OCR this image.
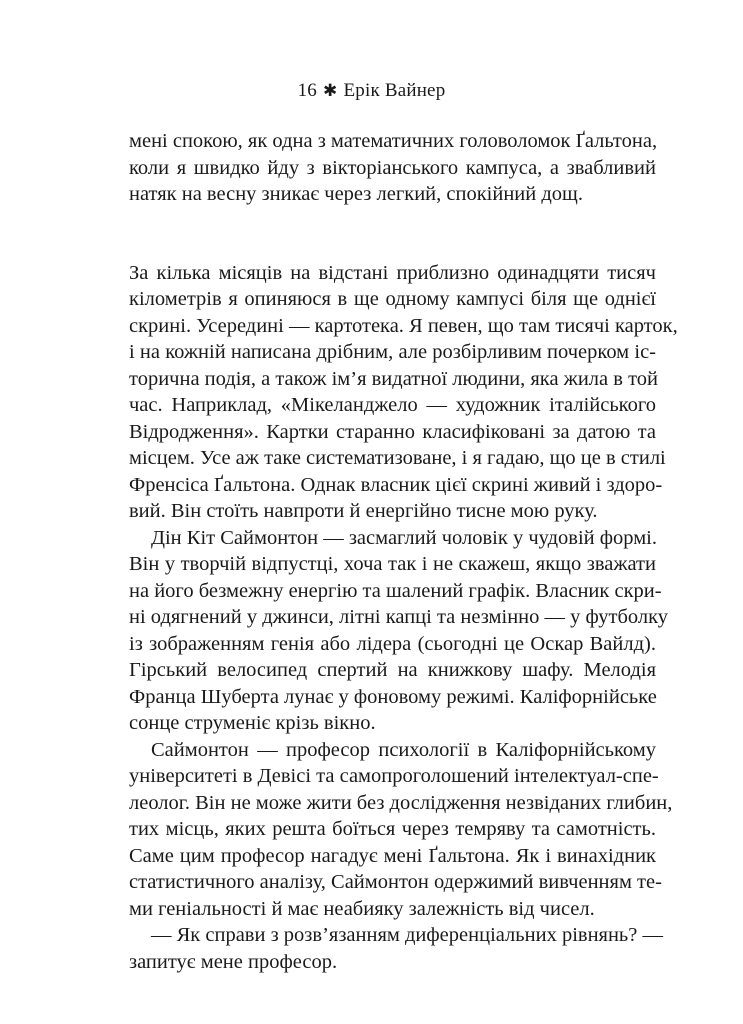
16 ✱ Ерік Вайнер
мені спокою, як одна з математичних головоломок Ґальтона,
коли я швидко йду з вікторіанського кампуса, а звабливий
натяк на весну зникає через легкий, спокійний дощ.
За кілька місяців на відстані приблизно одинадцяти тисяч
кілометрів я опиняюся в ще одному кампусі біля ще однієї
скрині. Усередині — картотека. Я певен, що там тисячі карток,
і на кожній написана дрібним, але розбірливим почерком іс-
торична подія, а також ім’я видатної людини, яка жила в той
час. Наприклад, «Мікеланджело — художник італійського
Відродження». Картки старанно класифіковані за датою та
місцем. Усе аж таке систематизоване, і я гадаю, що це в стилі
Френсіса Ґальтона. Однак власник цієї скрині живий і здоро-
вий. Він стоїть навпроти й енергійно тисне мою руку.
Дін Кіт Саймонтон — засмаглий чоловік у чудовій формі.
Він у творчій відпустці, хоча так і не скажеш, якщо зважати
на його безмежну енергію та шалений графік. Власник скри-
ні одягнений у джинси, літні капці та незмінно — у футболку
із зображенням генія або лідера (сьогодні це Оскар Вайлд).
Гірський велосипед спертий на книжкову шафу. Мелодія
Франца Шуберта лунає у фоновому режимі. Каліфорнійське
сонце струменіє крізь вікно.
Саймонтон — професор психології в Каліфорнійському
університеті в Девісі та самопроголошений інтелектуал-спе-
леолог. Він не може жити без дослідження незвіданих глибин,
тих місць, яких решта боїться через темряву та самотність.
Саме цим професор нагадує мені Ґальтона. Як і винахідник
статистичного аналізу, Саймонтон одержимий вивченням те-
ми геніальності й має неабияку залежність від чисел.
— Як справи з розв’язанням диференціальних рівнянь? —
запитує мене професор.
